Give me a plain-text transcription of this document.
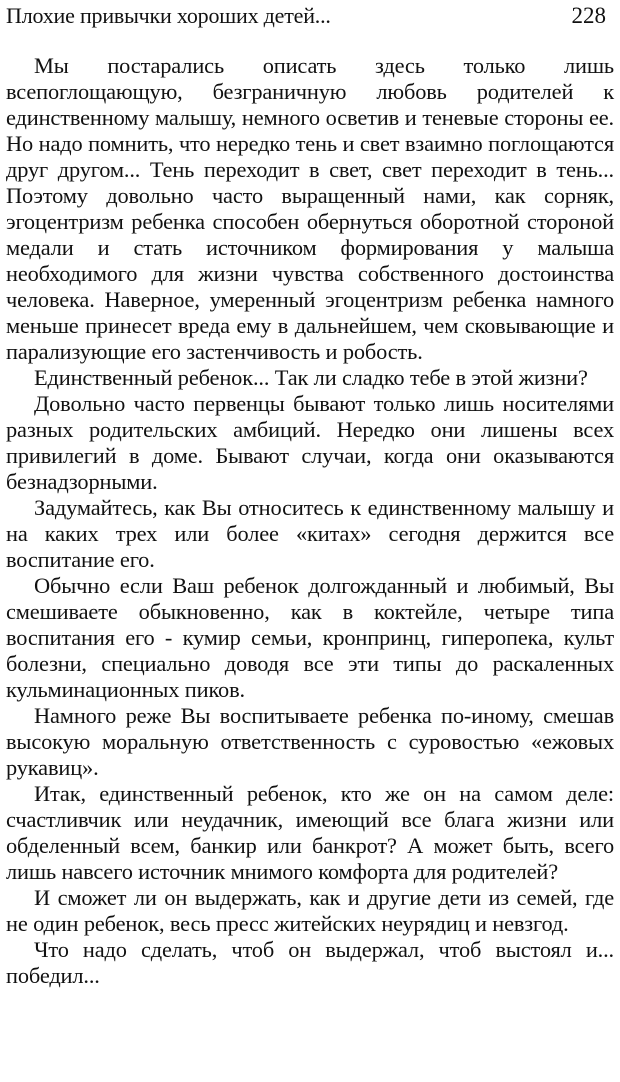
Плохие привычки хороших детей...	228

Мы постарались описать здесь только лишь всепоглощающую, безграничную любовь родителей к единственному малышу, немного осветив и теневые стороны ее. Но надо помнить, что нередко тень и свет взаимно поглощаются друг другом... Тень переходит в свет, свет переходит в тень... Поэтому довольно часто выращенный нами, как сорняк, эгоцентризм ребенка способен обернуться оборотной стороной медали и стать источником формирования у малыша необходимого для жизни чувства собственного достоинства человека. Наверное, умеренный эгоцентризм ребенка намного меньше принесет вреда ему в дальнейшем, чем сковывающие и парализующие его застенчивость и робость.

Единственный ребенок... Так ли сладко тебе в этой жизни?

Довольно часто первенцы бывают только лишь носителями разных родительских амбиций. Нередко они лишены всех привилегий в доме. Бывают случаи, когда они оказываются безнадзорными.

Задумайтесь, как Вы относитесь к единственному малышу и на каких трех или более «китах» сегодня держится все воспитание его.

Обычно если Ваш ребенок долгожданный и любимый, Вы смешиваете обыкновенно, как в коктейле, четыре типа воспитания его - кумир семьи, кронпринц, гиперопека, культ болезни, специально доводя все эти типы до раскаленных кульминационных пиков.

Намного реже Вы воспитываете ребенка по-иному, смешав высокую моральную ответственность с суровостью «ежовых рукавиц».

Итак, единственный ребенок, кто же он на самом деле: счастливчик или неудачник, имеющий все блага жизни или обделенный всем, банкир или банкрот? А может быть, всего лишь навсего источник мнимого комфорта для родителей?

И сможет ли он выдержать, как и другие дети из семей, где не один ребенок, весь пресс житейских неурядиц и невзгод.

Что надо сделать, чтоб он выдержал, чтоб выстоял и... победил...
